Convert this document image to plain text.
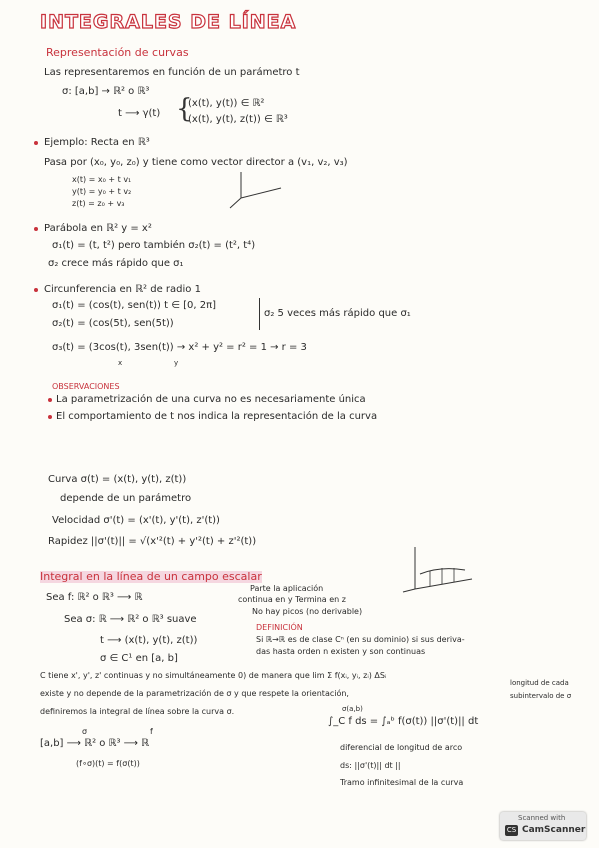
INTEGRALES DE LÍNEA
Representación de curvas
Las representaremos en función de un parámetro t
σ: [a,b] → ℝ² o ℝ³
t ⟶ γ(t) {
(x(t), y(t)) ∈ ℝ²
(x(t), y(t), z(t)) ∈ ℝ³
Ejemplo: Recta en ℝ³
Pasa por (x₀, y₀, z₀) y tiene como vector director a (v₁, v₂, v₃)
x(t) = x₀ + t v₁
y(t) = y₀ + t v₂
z(t) = z₀ + v₃
Parábola en ℝ² y = x²
σ₁(t) = (t, t²) pero también σ₂(t) = (t², t⁴)
σ₂ crece más rápido que σ₁
Circunferencia en ℝ² de radio 1
σ₁(t) = (cos(t), sen(t)) t ∈ [0, 2π]
σ₂(t) = (cos(5t), sen(5t))
σ₂ 5 veces más rápido que σ₁
σ₃(t) = (3cos(t), 3sen(t)) → x² + y² = r² = 1 → r = 3
x	y
OBSERVACIONES
La parametrización de una curva no es necesariamente única
El comportamiento de t nos indica la representación de la curva
Curva σ(t) = (x(t), y(t), z(t))
depende de un parámetro
Velocidad σ'(t) = (x'(t), y'(t), z'(t))
Rapidez ||σ'(t)|| = √(x'²(t) + y'²(t) + z'²(t))
Integral en la línea de un campo escalar
Sea f: ℝ² o ℝ³ ⟶ ℝ
Parte la aplicación
continua en y Termina en z
Sea σ: ℝ ⟶ ℝ² o ℝ³ suave
No hay picos (no derivable)
t ⟶ (x(t), y(t), z(t))
σ ∈ C¹ en [a, b]
DEFINICIÓN
Si ℝ→ℝ es de clase Cⁿ (en su dominio) si sus deriva-
das hasta orden n existen y son continuas
C tiene x', y', z' continuas y no simultáneamente 0) de manera que lim Σ f(xᵢ, yᵢ, zᵢ) ΔSᵢ
longitud de cada
existe y no depende de la parametrización de σ y que respete la orientación,	subintervalo de σ
definiremos la integral de línea sobre la curva σ.
[a,b] ⟶ ℝ² o ℝ³ ⟶ ℝ
σ	f
(f∘σ)(t) = f(σ(t))
σ(a,b)
∫_C f ds = ∫ₐᵇ f(σ(t)) ||σ'(t)|| dt
diferencial de longitud de arco
ds: ||σ'(t)|| dt ||
Tramo infinitesimal de la curva
Scanned with
CS CamScanner
